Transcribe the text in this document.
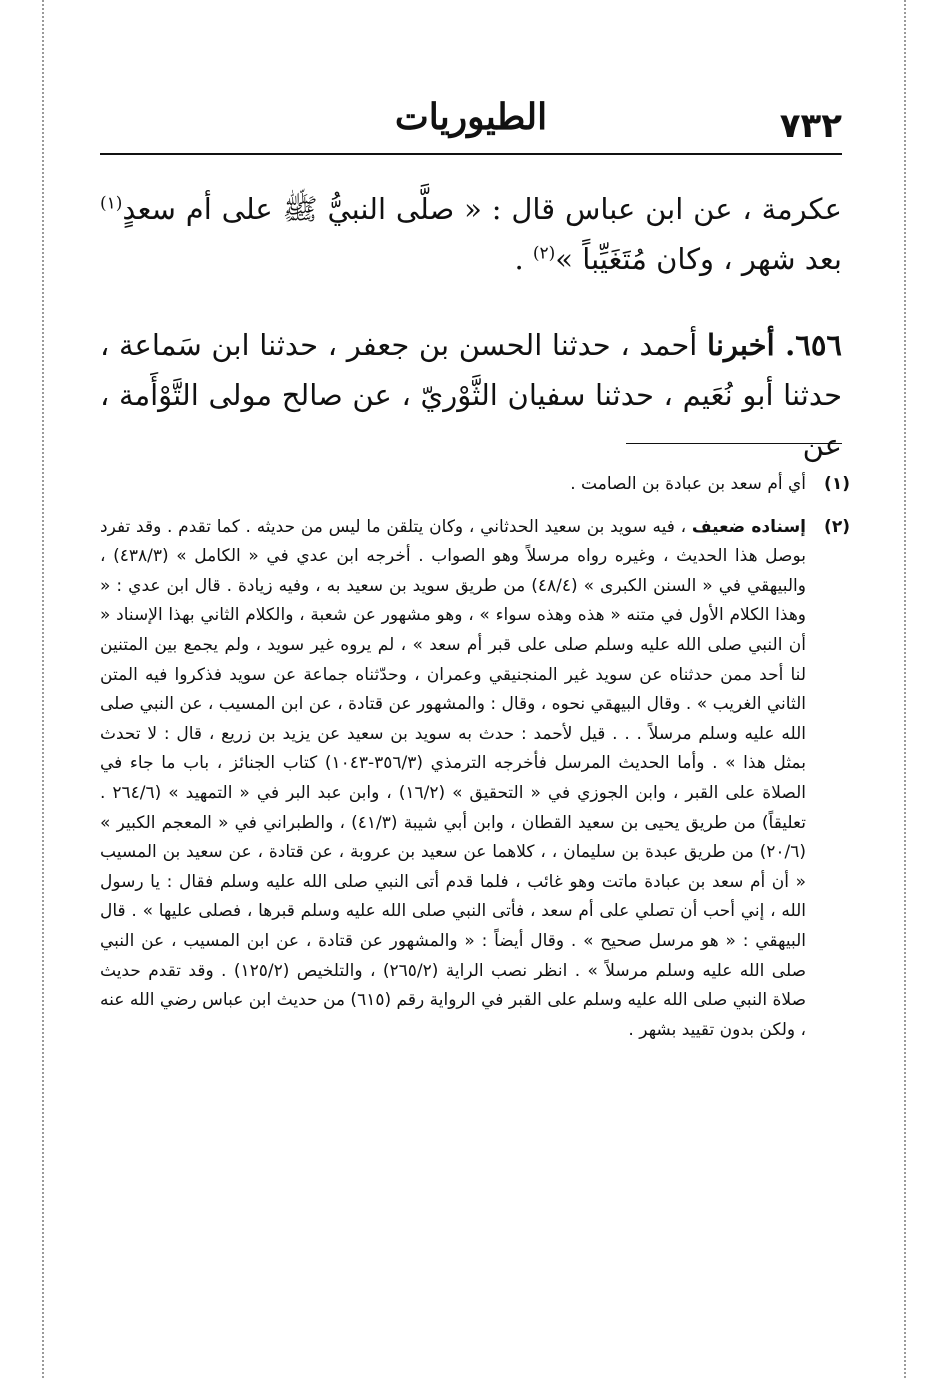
٧٣٢
الطيوريات

عكرمة ، عن ابن عباس قال : « صلَّى النبيُّ ﷺ على أم سعدٍ$^{(١)}$ بعد شهر ، وكان مُتَغَيِّباً »$^{(٢)}$ .

٦٥٦. أخبرنا أحمد ، حدثنا الحسن بن جعفر ، حدثنا ابن سَماعة ، حدثنا أبو نُعَيم ، حدثنا سفيان الثَّوْريّ ، عن صالح مولى التَّوْأَمة ، عن

(١)
أي أم سعد بن عبادة بن الصامت .
(٢)
إسناده ضعيف ، فيه سويد بن سعيد الحدثاني ، وكان يتلقن ما ليس من حديثه . كما تقدم . وقد تفرد بوصل هذا الحديث ، وغيره رواه مرسلاً وهو الصواب . أخرجه ابن عدي في « الكامل » (٤٣٨/٣) ، والبيهقي في « السنن الكبرى » (٤٨/٤) من طريق سويد بن سعيد به ، وفيه زيادة . قال ابن عدي : « وهذا الكلام الأول في متنه « هذه وهذه سواء » ، وهو مشهور عن شعبة ، والكلام الثاني بهذا الإسناد « أن النبي صلى الله عليه وسلم صلى على قبر أم سعد » ، لم يروه غير سويد ، ولم يجمع بين المتنين لنا أحد ممن حدثناه عن سويد غير المنجنيقي وعمران ، وحدّثناه جماعة عن سويد فذكروا فيه المتن الثاني الغريب » . وقال البيهقي نحوه ، وقال : والمشهور عن قتادة ، عن ابن المسيب ، عن النبي صلى الله عليه وسلم مرسلاً . . . قيل لأحمد : حدث به سويد بن سعيد عن يزيد بن زريع ، قال : لا تحدث بمثل هذا » . وأما الحديث المرسل فأخرجه الترمذي (٣٥٦/٣-١٠٤٣) كتاب الجنائز ، باب ما جاء في الصلاة على القبر ، وابن الجوزي في « التحقيق » (١٦/٢) ، وابن عبد البر في « التمهيد » (٢٦٤/٦ . تعليقاً) من طريق يحيى بن سعيد القطان ، وابن أبي شيبة (٤١/٣) ، والطبراني في « المعجم الكبير » (٢٠/٦) من طريق عبدة بن سليمان ، ، كلاهما عن سعيد بن عروبة ، عن قتادة ، عن سعيد بن المسيب « أن أم سعد بن عبادة ماتت وهو غائب ، فلما قدم أتى النبي صلى الله عليه وسلم فقال : يا رسول الله ، إني أحب أن تصلي على أم سعد ، فأتى النبي صلى الله عليه وسلم قبرها ، فصلى عليها » . قال البيهقي : « هو مرسل صحيح » . وقال أيضاً : « والمشهور عن قتادة ، عن ابن المسيب ، عن النبي صلى الله عليه وسلم مرسلاً » . انظر نصب الراية (٢٦٥/٢) ، والتلخيص (١٢٥/٢) . وقد تقدم حديث صلاة النبي صلى الله عليه وسلم على القبر في الرواية رقم (٦١٥) من حديث ابن عباس رضي الله عنه ، ولكن بدون تقييد بشهر .
